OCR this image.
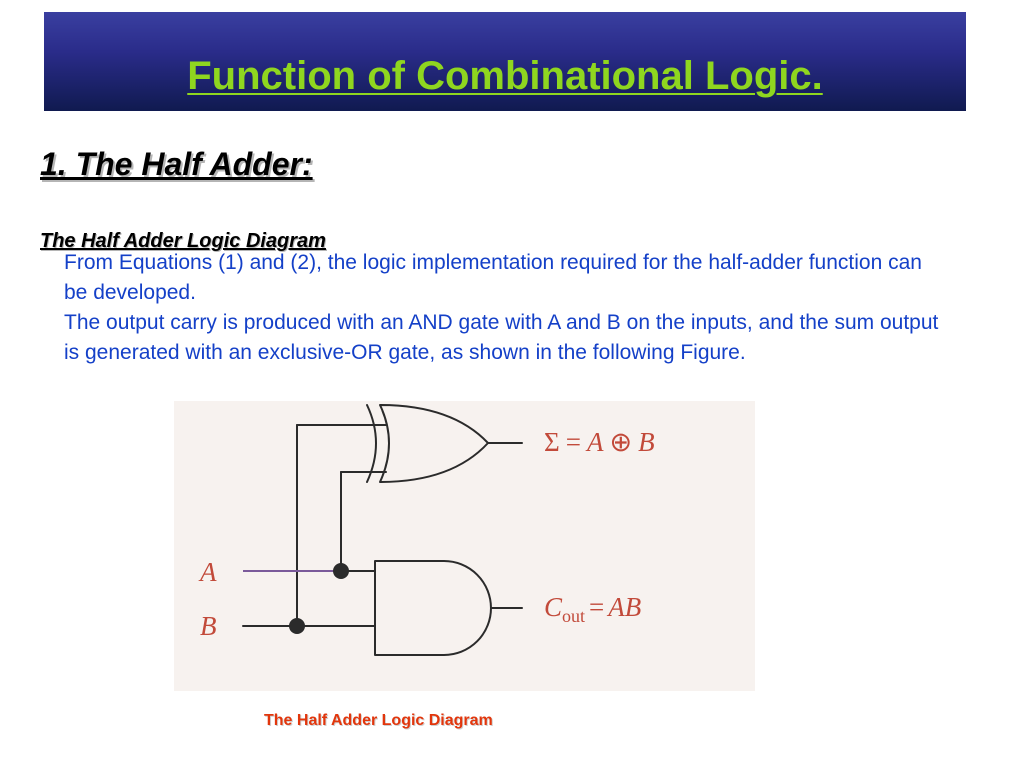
Function of Combinational Logic.
1. The Half Adder:

From Equations (1) and (2), the logic implementation required for the half-adder function can be developed.

The output carry is produced with an AND gate with A and B on the inputs, and the sum output is generated with an exclusive-OR gate, as shown in the following Figure.

The Half Adder Logic Diagram
A
B
Σ = A ⊕ B
$C_{out}$ = AB
The Half Adder Logic Diagram
